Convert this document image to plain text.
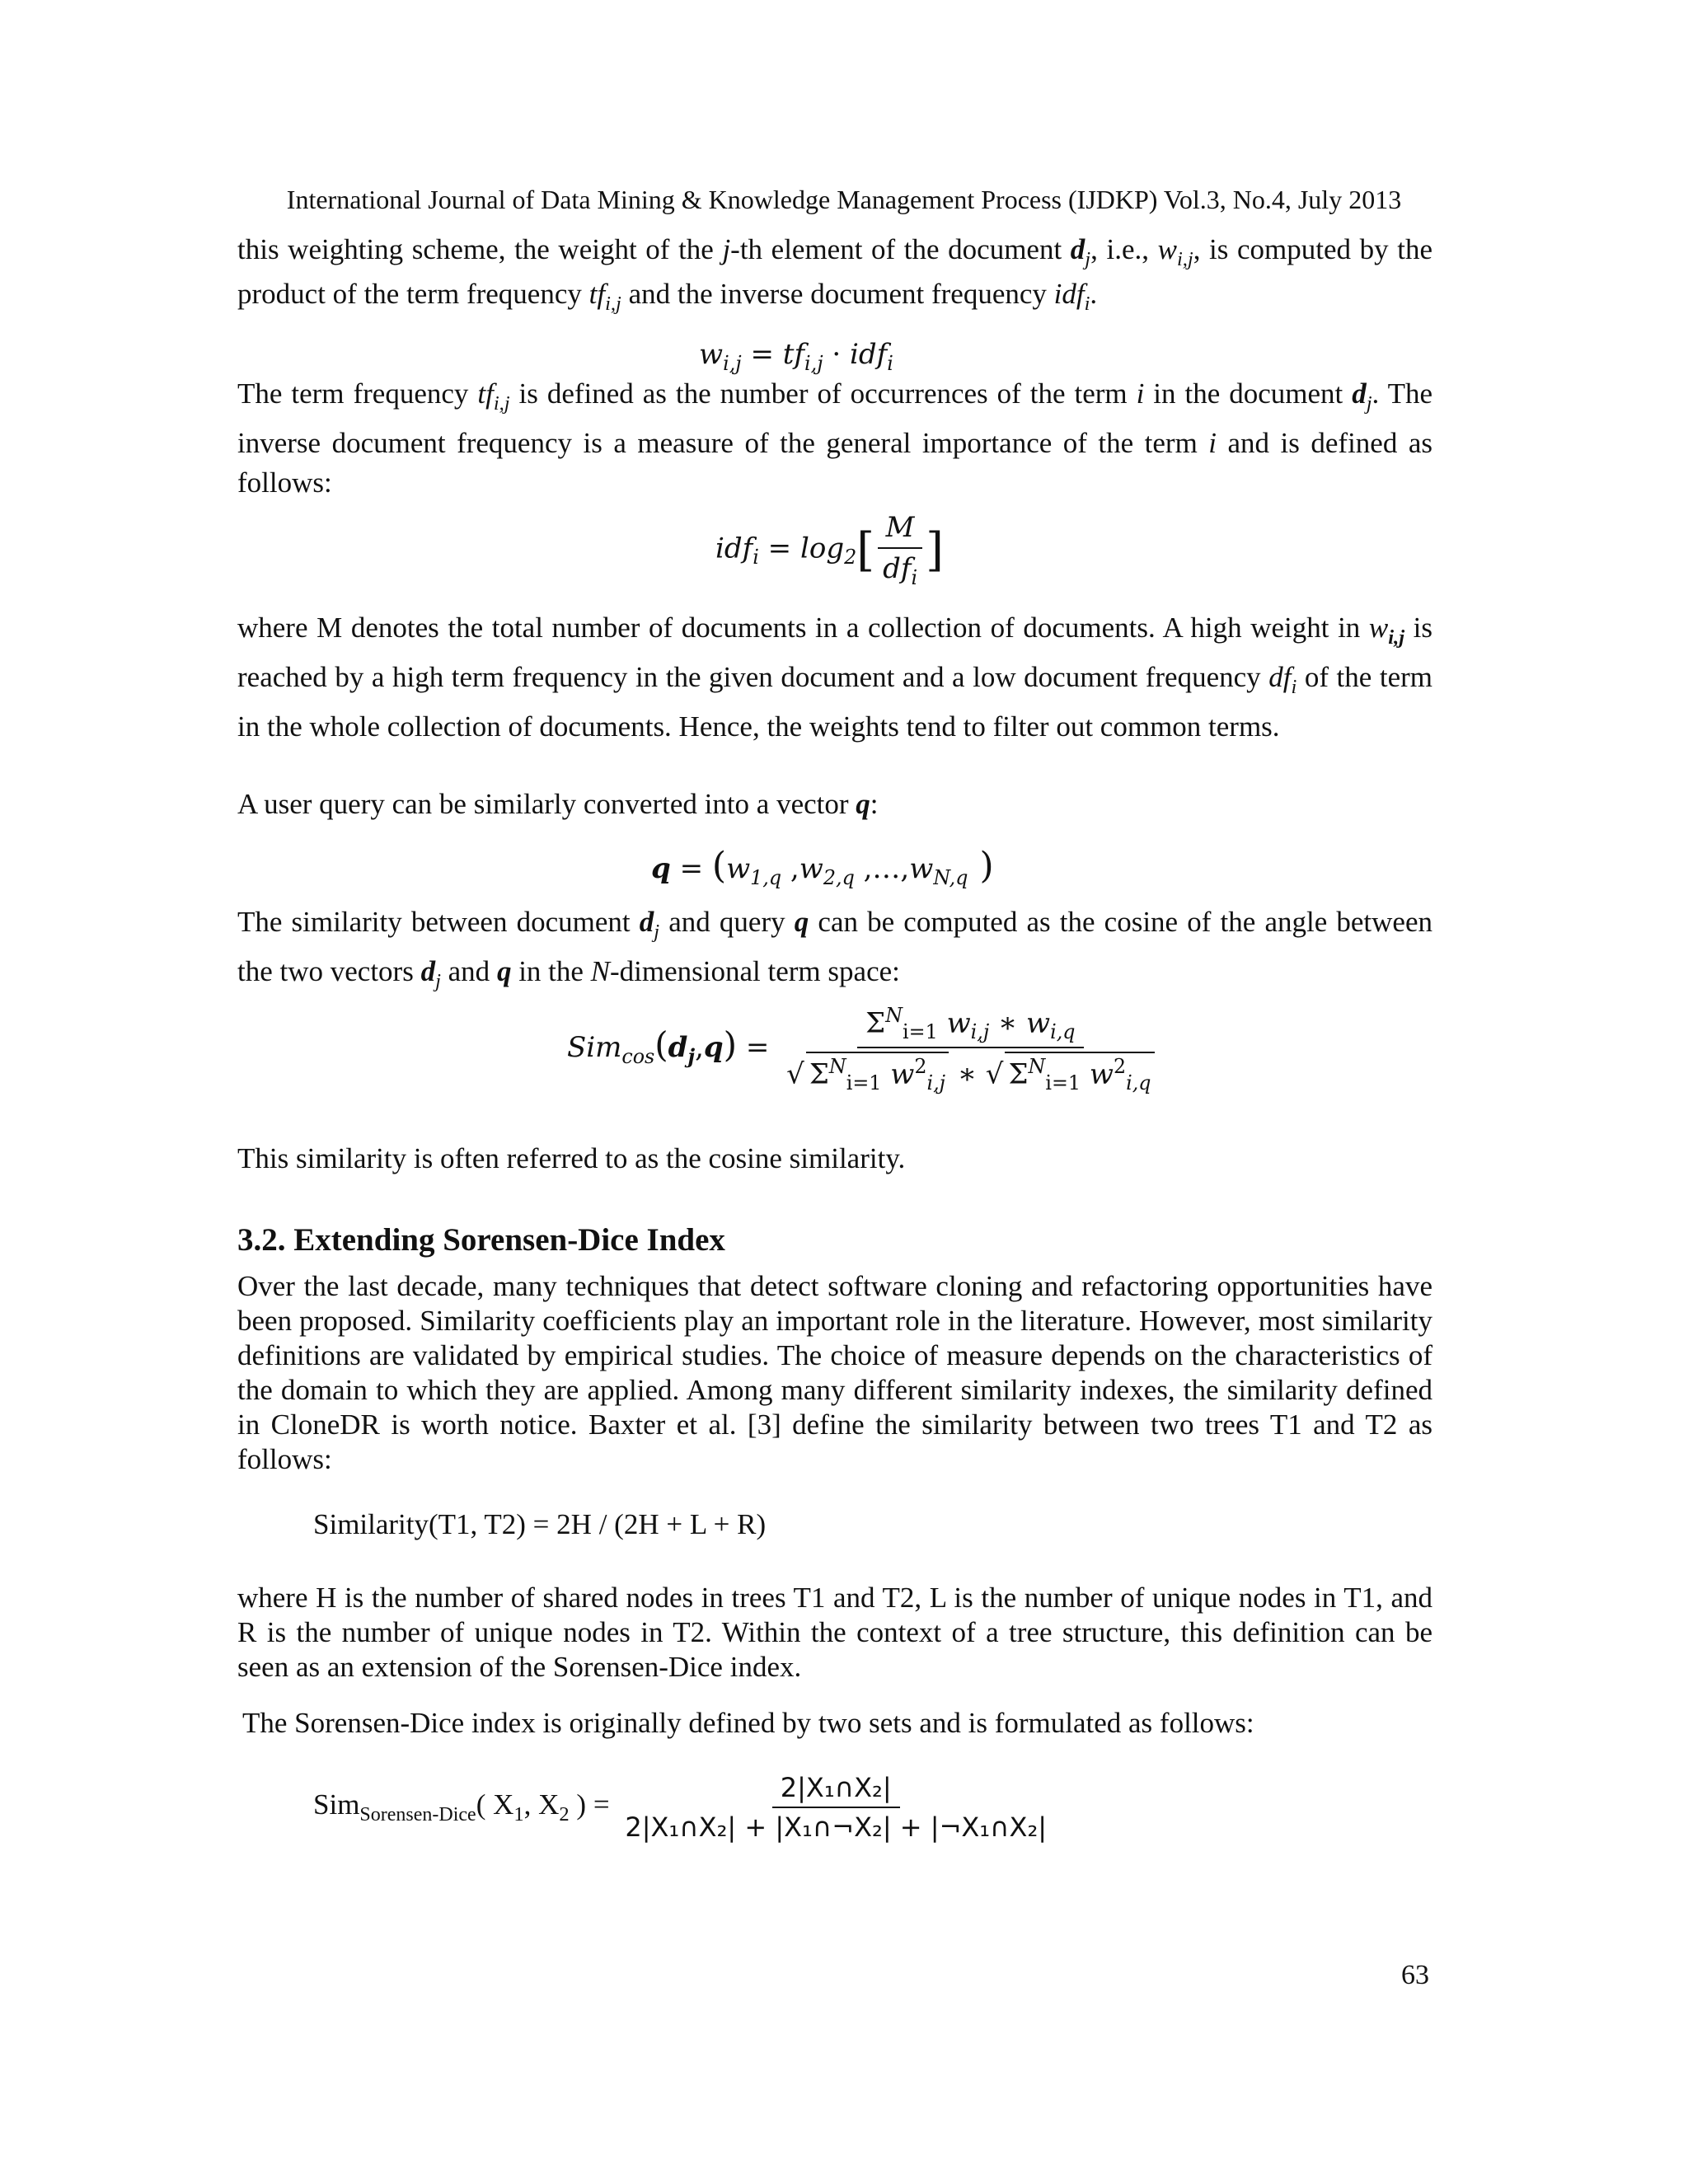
International Journal of Data Mining & Knowledge Management Process (IJDKP) Vol.3, No.4, July 2013

this weighting scheme, the weight of the j-th element of the document $d_j$, i.e., $w_{i,j}$, is computed by the product of the term frequency $tf_{i,j}$ and the inverse document frequency idf$_i$.

$w_{i,j} = tf_{i,j} \cdot idf_i$

The term frequency $tf_{i,j}$ is defined as the number of occurrences of the term i in the document $d_j$. The inverse document frequency is a measure of the general importance of the term i and is defined as follows:

$idf_i = \log_2[ \frac{M}{df_i}$ ]

where M denotes the total number of documents in a collection of documents. A high weight in $w_{i,j}$ is reached by a high term frequency in the given document and a low document frequency $df_i$ of the term in the whole collection of documents. Hence, the weights tend to filter out common terms.

A user query can be similarly converted into a vector q:

$q = (w_{1,q}$ $,w_{2,q}$ $,\dots,w_{N,q}$ )

The similarity between document $d_j$ and query q can be computed as the cosine of the angle between the two vectors $d_j$ and q in the N-dimensional term space:

$Sim_{cos}(d_j,q) = \frac{\Sigma^N_{i=1} w_{i,j} ∗ w_{i,q}}{√ \Sigma^N_{i=1} w^2_{i,j} ∗ √ \Sigma^N_{i=1} w^2_{i,q}}$

This similarity is often referred to as the cosine similarity.

3.2. Extending Sorensen-Dice Index

Over the last decade, many techniques that detect software cloning and refactoring opportunities have been proposed. Similarity coefficients play an important role in the literature. However, most similarity definitions are validated by empirical studies. The choice of measure depends on the characteristics of the domain to which they are applied. Among many different similarity indexes, the similarity defined in CloneDR is worth notice. Baxter et al. [3] define the similarity between two trees T1 and T2 as follows:

Similarity(T1, T2) = 2H / (2H + L + R)

where H is the number of shared nodes in trees T1 and T2, L is the number of unique nodes in T1, and R is the number of unique nodes in T2. Within the context of a tree structure, this definition can be seen as an extension of the Sorensen-Dice index.

The Sorensen-Dice index is originally defined by two sets and is formulated as follows:

Sim$_{Sorensen-Dice}$( $X_1$, $X_2$ ) = $\frac{\text{2|X₁∩X₂|}}{\text{2|X₁∩X₂| + |X₁∩¬X₂| + |¬X₁∩X₂|}}$
63
